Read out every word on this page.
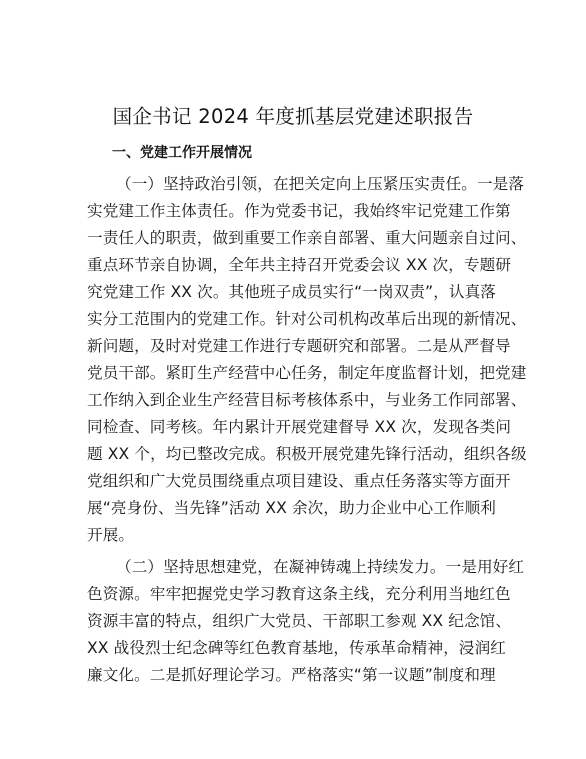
国企书记 2024 年度抓基层党建述职报告
一、党建工作开展情况
（一）坚持政治引领，在把关定向上压紧压实责任。一是落
实党建工作主体责任。作为党委书记，我始终牢记党建工作第
一责任人的职责，做到重要工作亲自部署、重大问题亲自过问、
重点环节亲自协调，全年共主持召开党委会议 XX 次，专题研
究党建工作 XX 次。其他班子成员实行“一岗双责”，认真落
实分工范围内的党建工作。针对公司机构改革后出现的新情况、
新问题，及时对党建工作进行专题研究和部署。二是从严督导
党员干部。紧盯生产经营中心任务，制定年度监督计划，把党建
工作纳入到企业生产经营目标考核体系中，与业务工作同部署、
同检查、同考核。年内累计开展党建督导 XX 次，发现各类问
题 XX 个，均已整改完成。积极开展党建先锋行活动，组织各级
党组织和广大党员围绕重点项目建设、重点任务落实等方面开
展“亮身份、当先锋”活动 XX 余次，助力企业中心工作顺利
开展。
（二）坚持思想建党，在凝神铸魂上持续发力。一是用好红
色资源。牢牢把握党史学习教育这条主线，充分利用当地红色
资源丰富的特点，组织广大党员、干部职工参观 XX 纪念馆、
XX 战役烈士纪念碑等红色教育基地，传承革命精神，浸润红
廉文化。二是抓好理论学习。严格落实“第一议题”制度和理
